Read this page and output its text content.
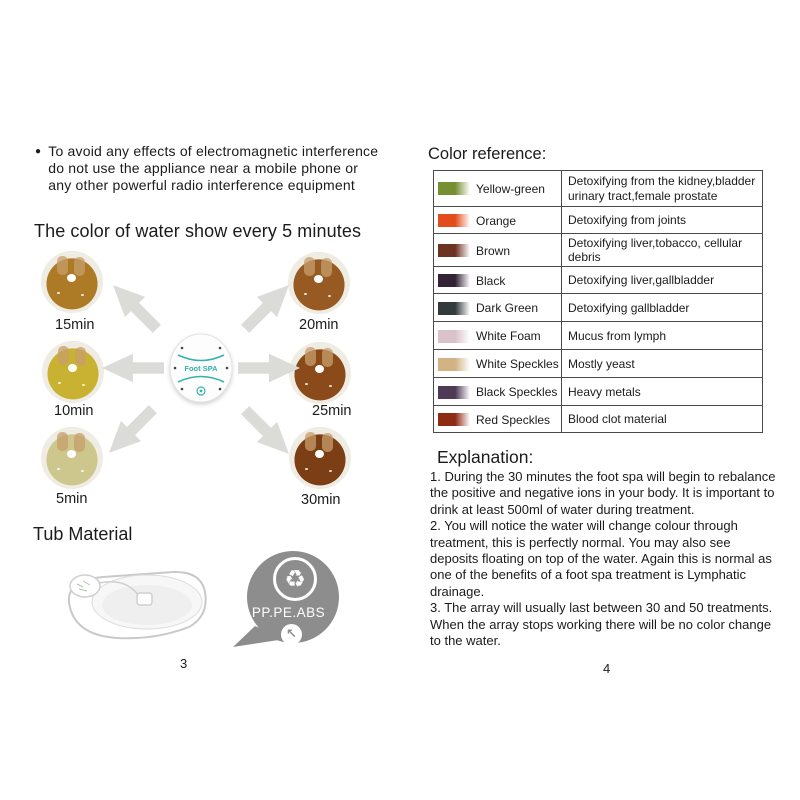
● To avoid any effects of electromagnetic interference do not use the appliance near a mobile phone or any other powerful radio interference equipment
The color of water show every 5 minutes
15min	20min
10min	25min
5min	30min
Foot SPA
Tub Material
♻
PP.PE.ABS
↖
3
Color reference:
Yellow-green	Detoxifying from the kidney,bladder urinary tract,female prostate
Orange	Detoxifying from joints
Brown	Detoxifying liver,tobacco, cellular debris
Black	Detoxifying liver,gallbladder
Dark Green	Detoxifying gallbladder
White Foam	Mucus from lymph
White Speckles	Mostly yeast
Black Speckles	Heavy metals
Red Speckles	Blood clot material
Explanation:

1. During the 30 minutes the foot spa will begin to rebalance the positive and negative ions in your body. It is important to drink at least 500ml of water during treatment.

2. You will notice the water will change colour through treatment, this is perfectly normal. You may also see deposits floating on top of the water. Again this is normal as one of the benefits of a foot spa treatment is Lymphatic drainage.

3. The array will usually last between 30 and 50 treatments. When the array stops working there will be no color change to the water.

4
